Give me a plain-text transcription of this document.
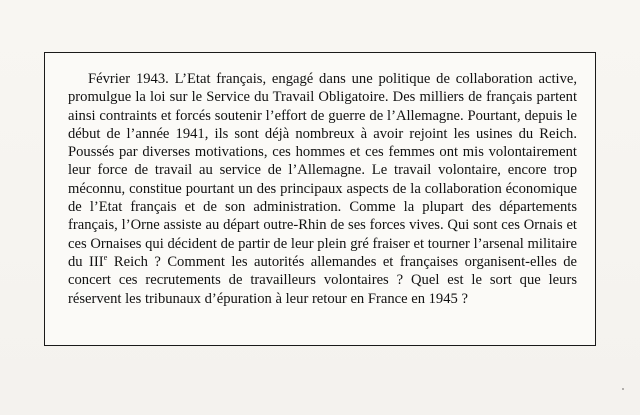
Février 1943. L’Etat français, engagé dans une politique de collaboration active, promulgue la loi sur le Service du Travail Obligatoire. Des milliers de français partent ainsi contraints et forcés soutenir l’effort de guerre de l’Allemagne. Pourtant, depuis le début de l’année 1941, ils sont déjà nombreux à avoir rejoint les usines du Reich. Poussés par diverses motivations, ces hommes et ces femmes ont mis volontairement leur force de travail au service de l’Allemagne. Le travail volontaire, encore trop méconnu, constitue pourtant un des principaux aspects de la collaboration économique de l’Etat français et de son administration. Comme la plupart des départements français, l’Orne assiste au départ outre-Rhin de ses forces vives. Qui sont ces Ornais et ces Ornaises qui décident de partir de leur plein gré fraiser et tourner l’arsenal militaire du IIIe Reich ? Comment les autorités allemandes et françaises organisent-elles de concert ces recrutements de travailleurs volontaires ? Quel est le sort que leurs réservent les tribunaux d’épuration à leur retour en France en 1945 ?
